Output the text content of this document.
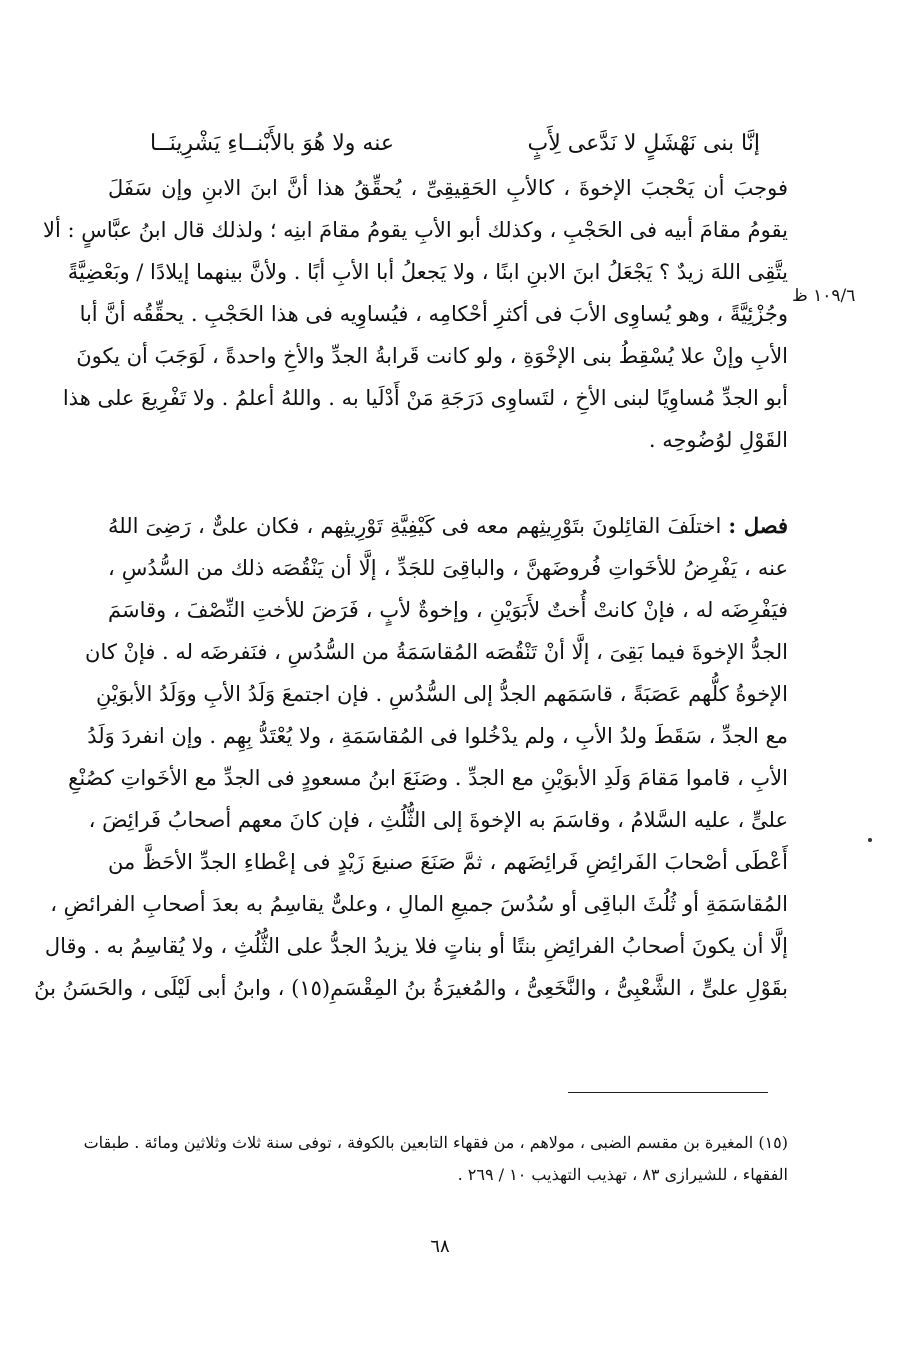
إنَّا بنى نَهْشَلٍ لا نَدَّعى لِأَبٍ
عنه ولا هُوَ بالأَبْنــاءِ يَشْرِينَــا
١٠٩/٦ ظ
فوجبَ أن يَحْجبَ الإخوةَ ، كالأبِ الحَقِيقِىِّ ، يُحقِّقُ هذا أنَّ ابنَ الابنِ وإن سَفَلَ
يقومُ مقامَ أبيه فى الحَجْبِ ، وكذلك أبو الأبِ يقومُ مقامَ ابنِه ؛ ولذلك قال ابنُ عبَّاسٍ : ألا
يتَّقِى اللهَ زيدٌ ؟ يَجْعَلُ ابنَ الابنِ ابنًا ، ولا يَجعلُ أبا الأبِ أبًا . ولأنَّ بينهما إيلادًا / وبَعْضِيَّةً
وجُزْئِيَّةً ، وهو يُساوِى الأبَ فى أكثرِ أحْكامِه ، فيُساوِيه فى هذا الحَجْبِ . يحقِّقُه أنَّ أبا
الأبِ وإنْ علا يُسْقِطُ بنى الإخْوَةِ ، ولو كانت قَرابةُ الجدِّ والأخِ واحدةً ، لَوَجَبَ أن يكونَ
أبو الجدِّ مُساوِيًا لبنى الأخِ ، لتَساوِى دَرَجَةِ مَنْ أَدْلَيا به . واللهُ أعلمُ . ولا تَفْرِيعَ على هذا
القَوْلِ لوُضُوحِه .
فصل : اختلَفَ القائِلونَ بتَوْرِيثِهم معه فى كَيْفِيَّةِ تَوْرِيثِهم ، فكان علىٌّ ، رَضِىَ اللهُ
عنه ، يَفْرِضُ للأخَواتِ فُروضَهنَّ ، والباقِىَ للجَدِّ ، إلَّا أن يَنْقُصَه ذلك من السُّدُسِ ،
فيَفْرِضَه له ، فإنْ كانتْ أُختٌ لأَبَوَيْنِ ، وإخوةٌ لأبٍ ، فَرَضَ للأختِ النِّصْفَ ، وقاسَمَ
الجدُّ الإخوةَ فيما بَقِىَ ، إلَّا أنْ تَنْقُصَه المُقاسَمَةُ من السُّدُسِ ، فنَفرضَه له . فإنْ كان
الإخوةُ كلُّهم عَصَبَةً ، قاسَمَهم الجدُّ إلى السُّدُسِ . فإن اجتمعَ وَلَدُ الأبِ ووَلَدُ الأبوَيْنِ
مع الجدِّ ، سَقَطَ ولدُ الأبِ ، ولم يدْخُلوا فى المُقاسَمَةِ ، ولا يُعْتَدُّ بِهِم . وإن انفردَ وَلَدُ
الأبِ ، قاموا مَقامَ وَلَدِ الأبوَيْنِ مع الجدِّ . وصَنَعَ ابنُ مسعودٍ فى الجدِّ مع الأخَواتِ كصُنْعِ
علىٍّ ، عليه السَّلامُ ، وقاسَمَ به الإخوةَ إلى الثُّلُثِ ، فإن كانَ معهم أصحابُ فَرائِضَ ،
أَعْطَى أصْحابَ الفَرائِضِ فَرائِضَهم ، ثمَّ صَنَعَ صنيعَ زَيْدٍ فى إعْطاءِ الجدِّ الأحَظَّ من
المُقاسَمَةِ أو ثُلُثَ الباقِى أو سُدُسَ جميعِ المالِ ، وعلىٌّ يقاسِمُ به بعدَ أصحابِ الفرائضِ ،
إلَّا أن يكونَ أصحابُ الفرائِضِ بنتًا أو بناتٍ فلا يزيدُ الجدُّ على الثُّلُثِ ، ولا يُقاسِمُ به . وقال
بقَوْلِ علىٍّ ، الشَّعْبِىُّ ، والنَّخَعِىُّ ، والمُغيرَةُ بنُ المِقْسَمِ(١٥) ، وابنُ أبى لَيْلَى ، والحَسَنُ بنُ
(١٥) المغيرة بن مقسم الضبى ، مولاهم ، من فقهاء التابعين بالكوفة ، توفى سنة ثلاث وثلاثين ومائة . طبقات
الفقهاء ، للشيرازى ٨٣ ، تهذيب التهذيب ١٠ / ٢٦٩ .
٦٨
